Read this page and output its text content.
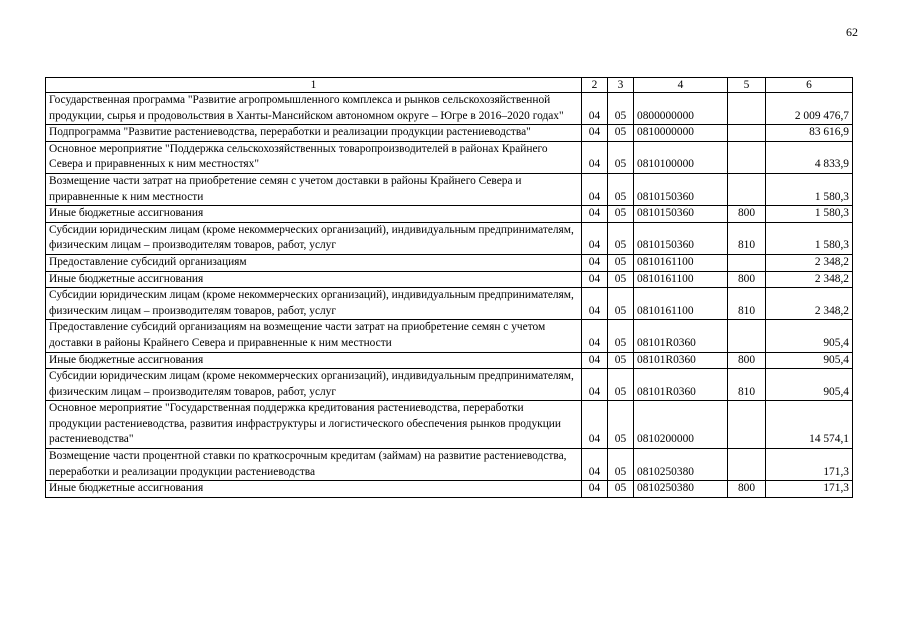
62
1	2	3	4	5	6
Государственная программа "Развитие агропромышленного комплекса и рынков сельскохозяйственной продукции, сырья и продовольствия в Ханты-Мансийском автономном округе – Югре в 2016–2020 годах"	04	05	0800000000		2 009 476,7
Подпрограмма "Развитие растениеводства, переработки и реализации продукции растениеводства"	04	05	0810000000		83 616,9
Основное мероприятие "Поддержка сельскохозяйственных товаропроизводителей в районах Крайнего Севера и приравненных к ним местностях"	04	05	0810100000		4 833,9
Возмещение части затрат на приобретение семян с учетом доставки в районы Крайнего Севера и приравненные к ним местности	04	05	0810150360		1 580,3
Иные бюджетные ассигнования	04	05	0810150360	800	1 580,3
Субсидии юридическим лицам (кроме некоммерческих организаций), индивидуальным предпринимателям, физическим лицам – производителям товаров, работ, услуг	04	05	0810150360	810	1 580,3
Предоставление субсидий организациям	04	05	0810161100		2 348,2
Иные бюджетные ассигнования	04	05	0810161100	800	2 348,2
Субсидии юридическим лицам (кроме некоммерческих организаций), индивидуальным предпринимателям, физическим лицам – производителям товаров, работ, услуг	04	05	0810161100	810	2 348,2
Предоставление субсидий организациям на возмещение части затрат на приобретение семян с учетом доставки в районы Крайнего Севера и приравненные к ним местности	04	05	08101R0360		905,4
Иные бюджетные ассигнования	04	05	08101R0360	800	905,4
Субсидии юридическим лицам (кроме некоммерческих организаций), индивидуальным предпринимателям, физическим лицам – производителям товаров, работ, услуг	04	05	08101R0360	810	905,4
Основное мероприятие "Государственная поддержка кредитования растениеводства, переработки продукции растениеводства, развития инфраструктуры и логистического обеспечения рынков продукции растениеводства"	04	05	0810200000		14 574,1
Возмещение части процентной ставки по краткосрочным кредитам (займам) на развитие растениеводства, переработки и реализации продукции растениеводства	04	05	0810250380		171,3
Иные бюджетные ассигнования	04	05	0810250380	800	171,3
